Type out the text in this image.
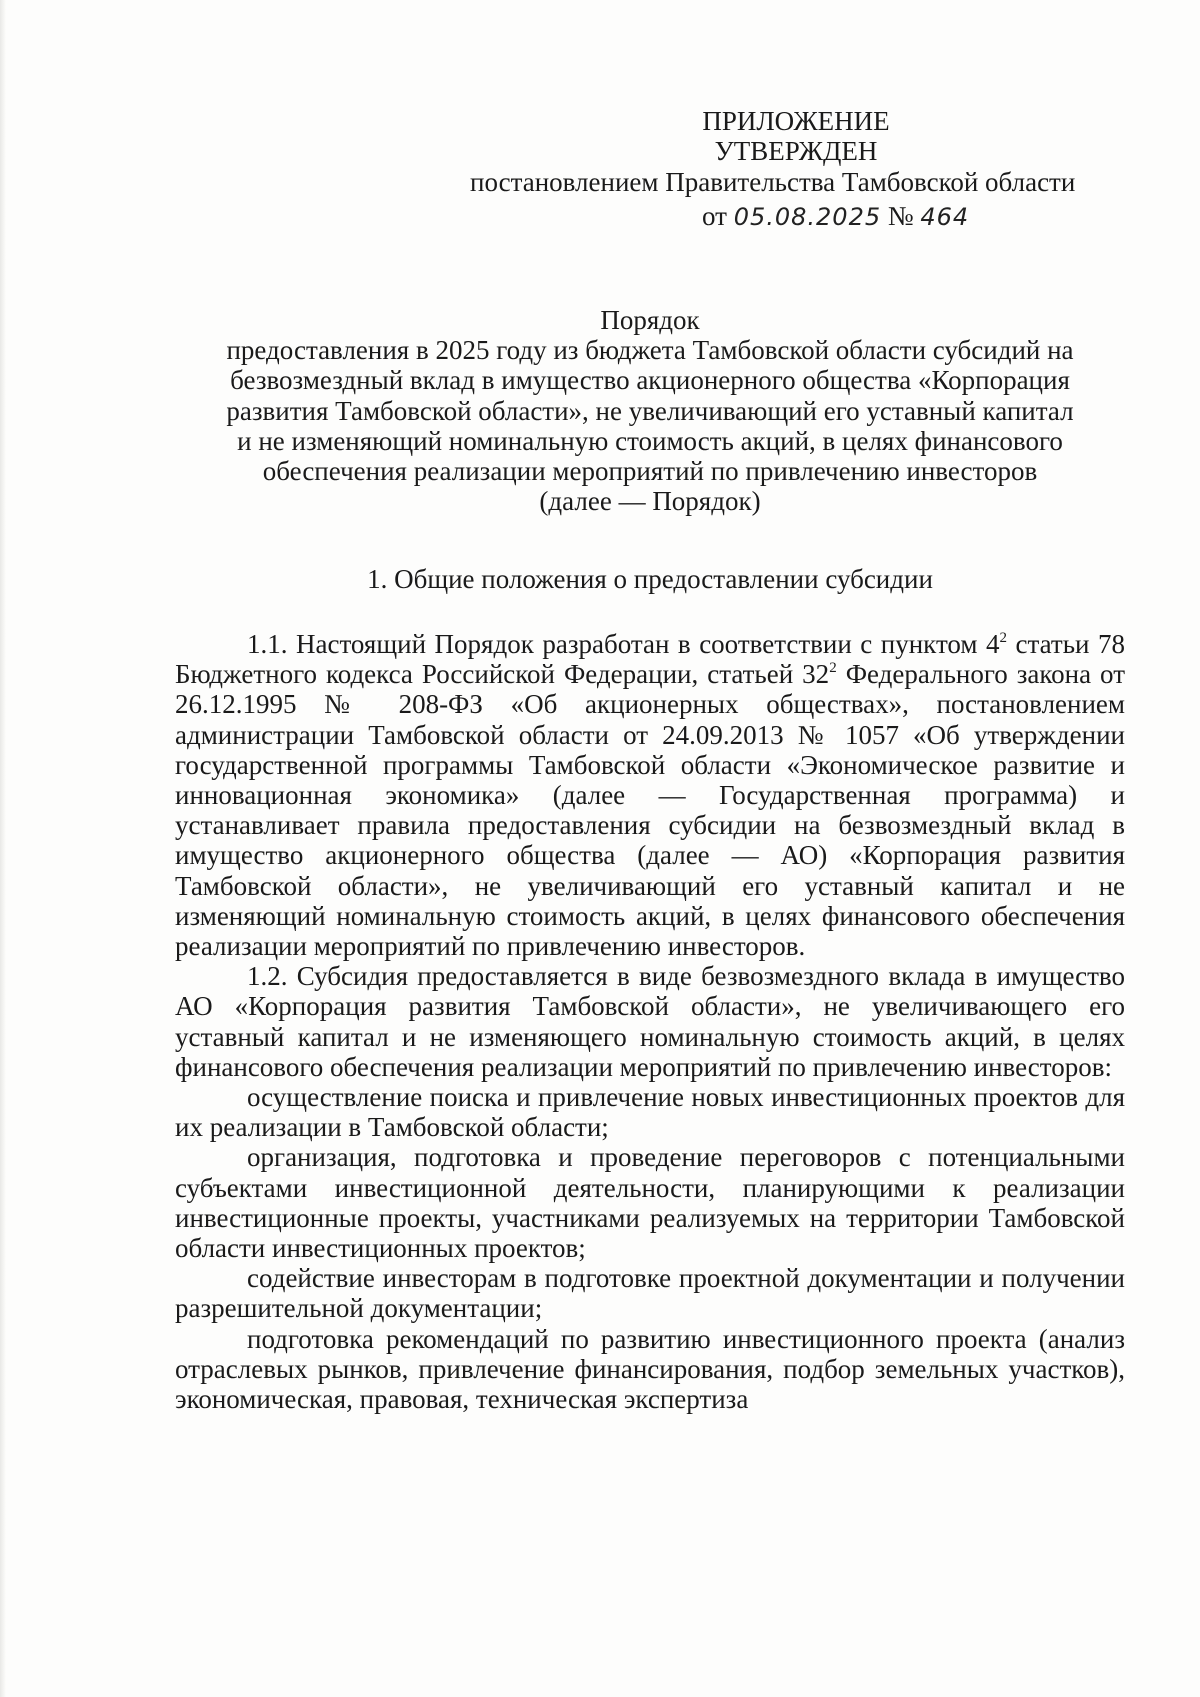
ПРИЛОЖЕНИЕ
УТВЕРЖДЕН
постановлением Правительства Тамбовской области
от 05.08.2025 № 464
Порядок
предоставления в 2025 году из бюджета Тамбовской области субсидий на
безвозмездный вклад в имущество акционерного общества «Корпорация
развития Тамбовской области», не увеличивающий его уставный капитал
и не изменяющий номинальную стоимость акций, в целях финансового
обеспечения реализации мероприятий по привлечению инвесторов
(далее — Порядок)
1. Общие положения о предоставлении субсидии

1.1. Настоящий Порядок разработан в соответствии с пунктом $4^2$ статьи 78 Бюджетного кодекса Российской Федерации, статьей $32^2$ Федерального закона от 26.12.1995 № 208-ФЗ «Об акционерных обществах», постановлением администрации Тамбовской области от 24.09.2013 № 1057 «Об утверждении государственной программы Тамбовской области «Экономическое развитие и инновационная экономика» (далее — Государственная программа) и устанавливает правила предоставления субсидии на безвозмездный вклад в имущество акционерного общества (далее — АО) «Корпорация развития Тамбовской области», не увеличивающий его уставный капитал и не изменяющий номинальную стоимость акций, в целях финансового обеспечения реализации мероприятий по привлечению инвесторов.

1.2. Субсидия предоставляется в виде безвозмездного вклада в имущество АО «Корпорация развития Тамбовской области», не увеличивающего его уставный капитал и не изменяющего номинальную стоимость акций, в целях финансового обеспечения реализации мероприятий по привлечению инвесторов:

осуществление поиска и привлечение новых инвестиционных проектов для их реализации в Тамбовской области;

организация, подготовка и проведение переговоров с потенциальными субъектами инвестиционной деятельности, планирующими к реализации инвестиционные проекты, участниками реализуемых на территории Тамбовской области инвестиционных проектов;

содействие инвесторам в подготовке проектной документации и получении разрешительной документации;

подготовка рекомендаций по развитию инвестиционного проекта (анализ отраслевых рынков, привлечение финансирования, подбор земельных участков), экономическая, правовая, техническая экспертиза
